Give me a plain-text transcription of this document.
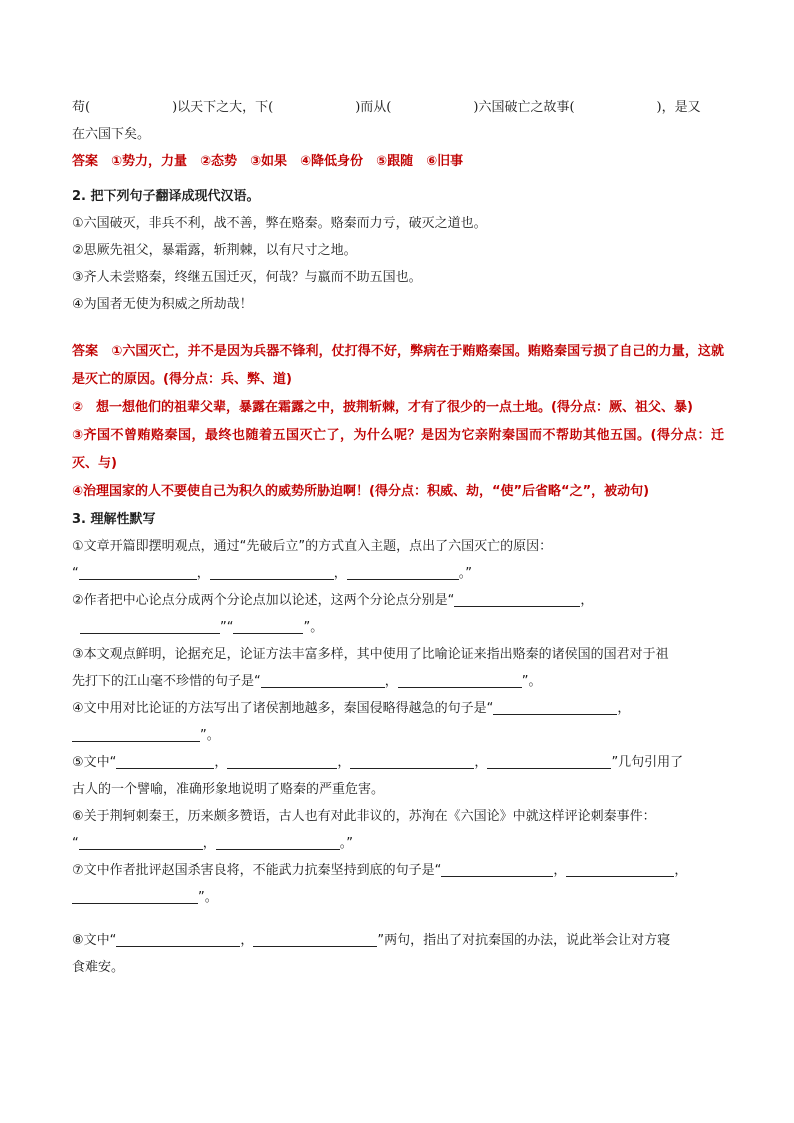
苟(	)以天下之大，下(	)而从(	)六国破亡之故事(	)，是又

在六国下矣。

答案　 ①势力，力量　②态势　③如果　④降低身份　⑤跟随　⑥旧事

2. 把下列句子翻译成现代汉语。

①六国破灭，非兵不利，战不善，弊在赂秦。赂秦而力亏，破灭之道也。

②思厥先祖父，暴霜露，斩荆棘，以有尺寸之地。

③齐人未尝赂秦，终继五国迁灭，何哉？与嬴而不助五国也。

④为国者无使为积威之所劫哉！

答案　 ①六国灭亡，并不是因为兵器不锋利，仗打得不好，弊病在于贿赂秦国。贿赂秦国亏损了自己的力量，这就是灭亡的原因。(得分点：兵、弊、道)

②　想一想他们的祖辈父辈，暴露在霜露之中，披荆斩棘，才有了很少的一点土地。(得分点：厥、祖父、暴)

③齐国不曾贿赂秦国，最终也随着五国灭亡了，为什么呢？是因为它亲附秦国而不帮助其他五国。(得分点：迁灭、与)

④治理国家的人不要使自己为积久的威势所胁迫啊！(得分点：积威、劫，“使”后省略“之”，被动句)

3. 理解性默写

①文章开篇即摆明观点，通过“先破后立”的方式直入主题，点出了六国灭亡的原因：

“	，	，	。”

②作者把中心论点分成两个分论点加以论述，这两个分论点分别是“	，

”“	”。

③本文观点鲜明，论据充足，论证方法丰富多样，其中使用了比喻论证来指出赂秦的诸侯国的国君对于祖

先打下的江山毫不珍惜的句子是“	，	”。

④文中用对比论证的方法写出了诸侯割地越多，秦国侵略得越急的句子是“	，

”。

⑤文中“	，	，	，	”几句引用了

古人的一个譬喻，准确形象地说明了赂秦的严重危害。

⑥关于荆轲刺秦王，历来颇多赞语，古人也有对此非议的，苏洵在《六国论》中就这样评论刺秦事件：

“	，	。”

⑦文中作者批评赵国杀害良将，不能武力抗秦坚持到底的句子是“	，	，

”。

⑧文中“	，	”两句，指出了对抗秦国的办法，说此举会让对方寝

食难安。
